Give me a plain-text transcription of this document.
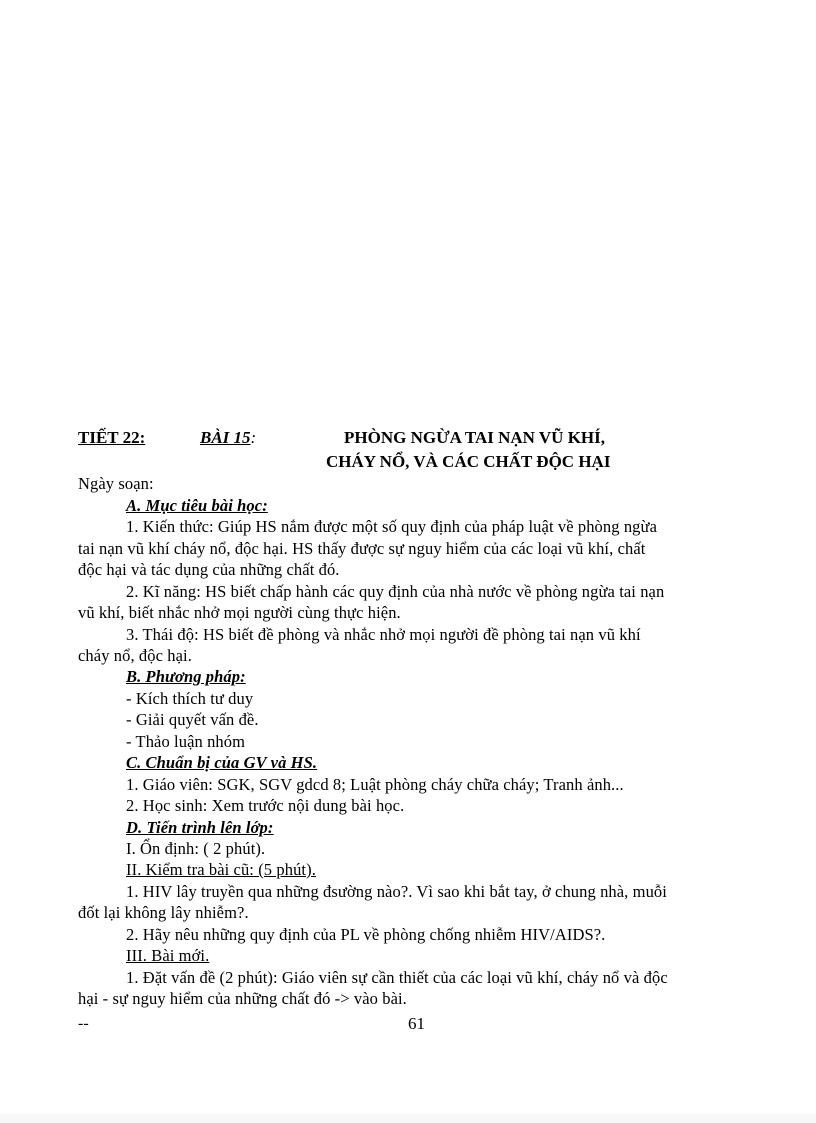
TIẾT 22:	BÀI 15:	PHÒNG NGỪA TAI NẠN VŨ KHÍ,
CHÁY NỔ, VÀ CÁC CHẤT ĐỘC HẠI
Ngày soạn:
A. Mục tiêu bài học:
1. Kiến thức: Giúp HS nắm được một số quy định của pháp luật về phòng ngừa
tai nạn vũ khí cháy nổ, độc hại. HS thấy được sự nguy hiểm của các loại vũ khí, chất
độc hại và tác dụng của những chất đó.
2. Kĩ năng: HS biết chấp hành các quy định của nhà nước về phòng ngừa tai nạn
vũ khí, biết nhắc nhở mọi người cùng thực hiện.
3. Thái độ: HS biết đề phòng và nhắc nhở mọi người đề phòng tai nạn vũ khí
cháy nổ, độc hại.
B. Phương pháp:
- Kích thích tư duy
- Giải quyết vấn đề.
- Thảo luận nhóm
C. Chuẩn bị của GV và HS.
1. Giáo viên: SGK, SGV gdcd 8; Luật phòng cháy chữa cháy; Tranh ảnh...
2. Học sinh: Xem trước nội dung bài học.
D. Tiến trình lên lớp:
I. Ổn định: ( 2 phút).
II. Kiểm tra bài cũ: (5 phút).
1. HIV lây truyền qua những đsường nào?. Vì sao khi bắt tay, ở chung nhà, muỗi
đốt lại không lây nhiễm?.
2. Hãy nêu những quy định của PL về phòng chống nhiễm HIV/AIDS?.
III. Bài mới.
1. Đặt vấn đề (2 phút): Giáo viên sự cần thiết của các loại vũ khí, cháy nổ và độc
hại - sự nguy hiểm của những chất đó -> vào bài.
--	61
